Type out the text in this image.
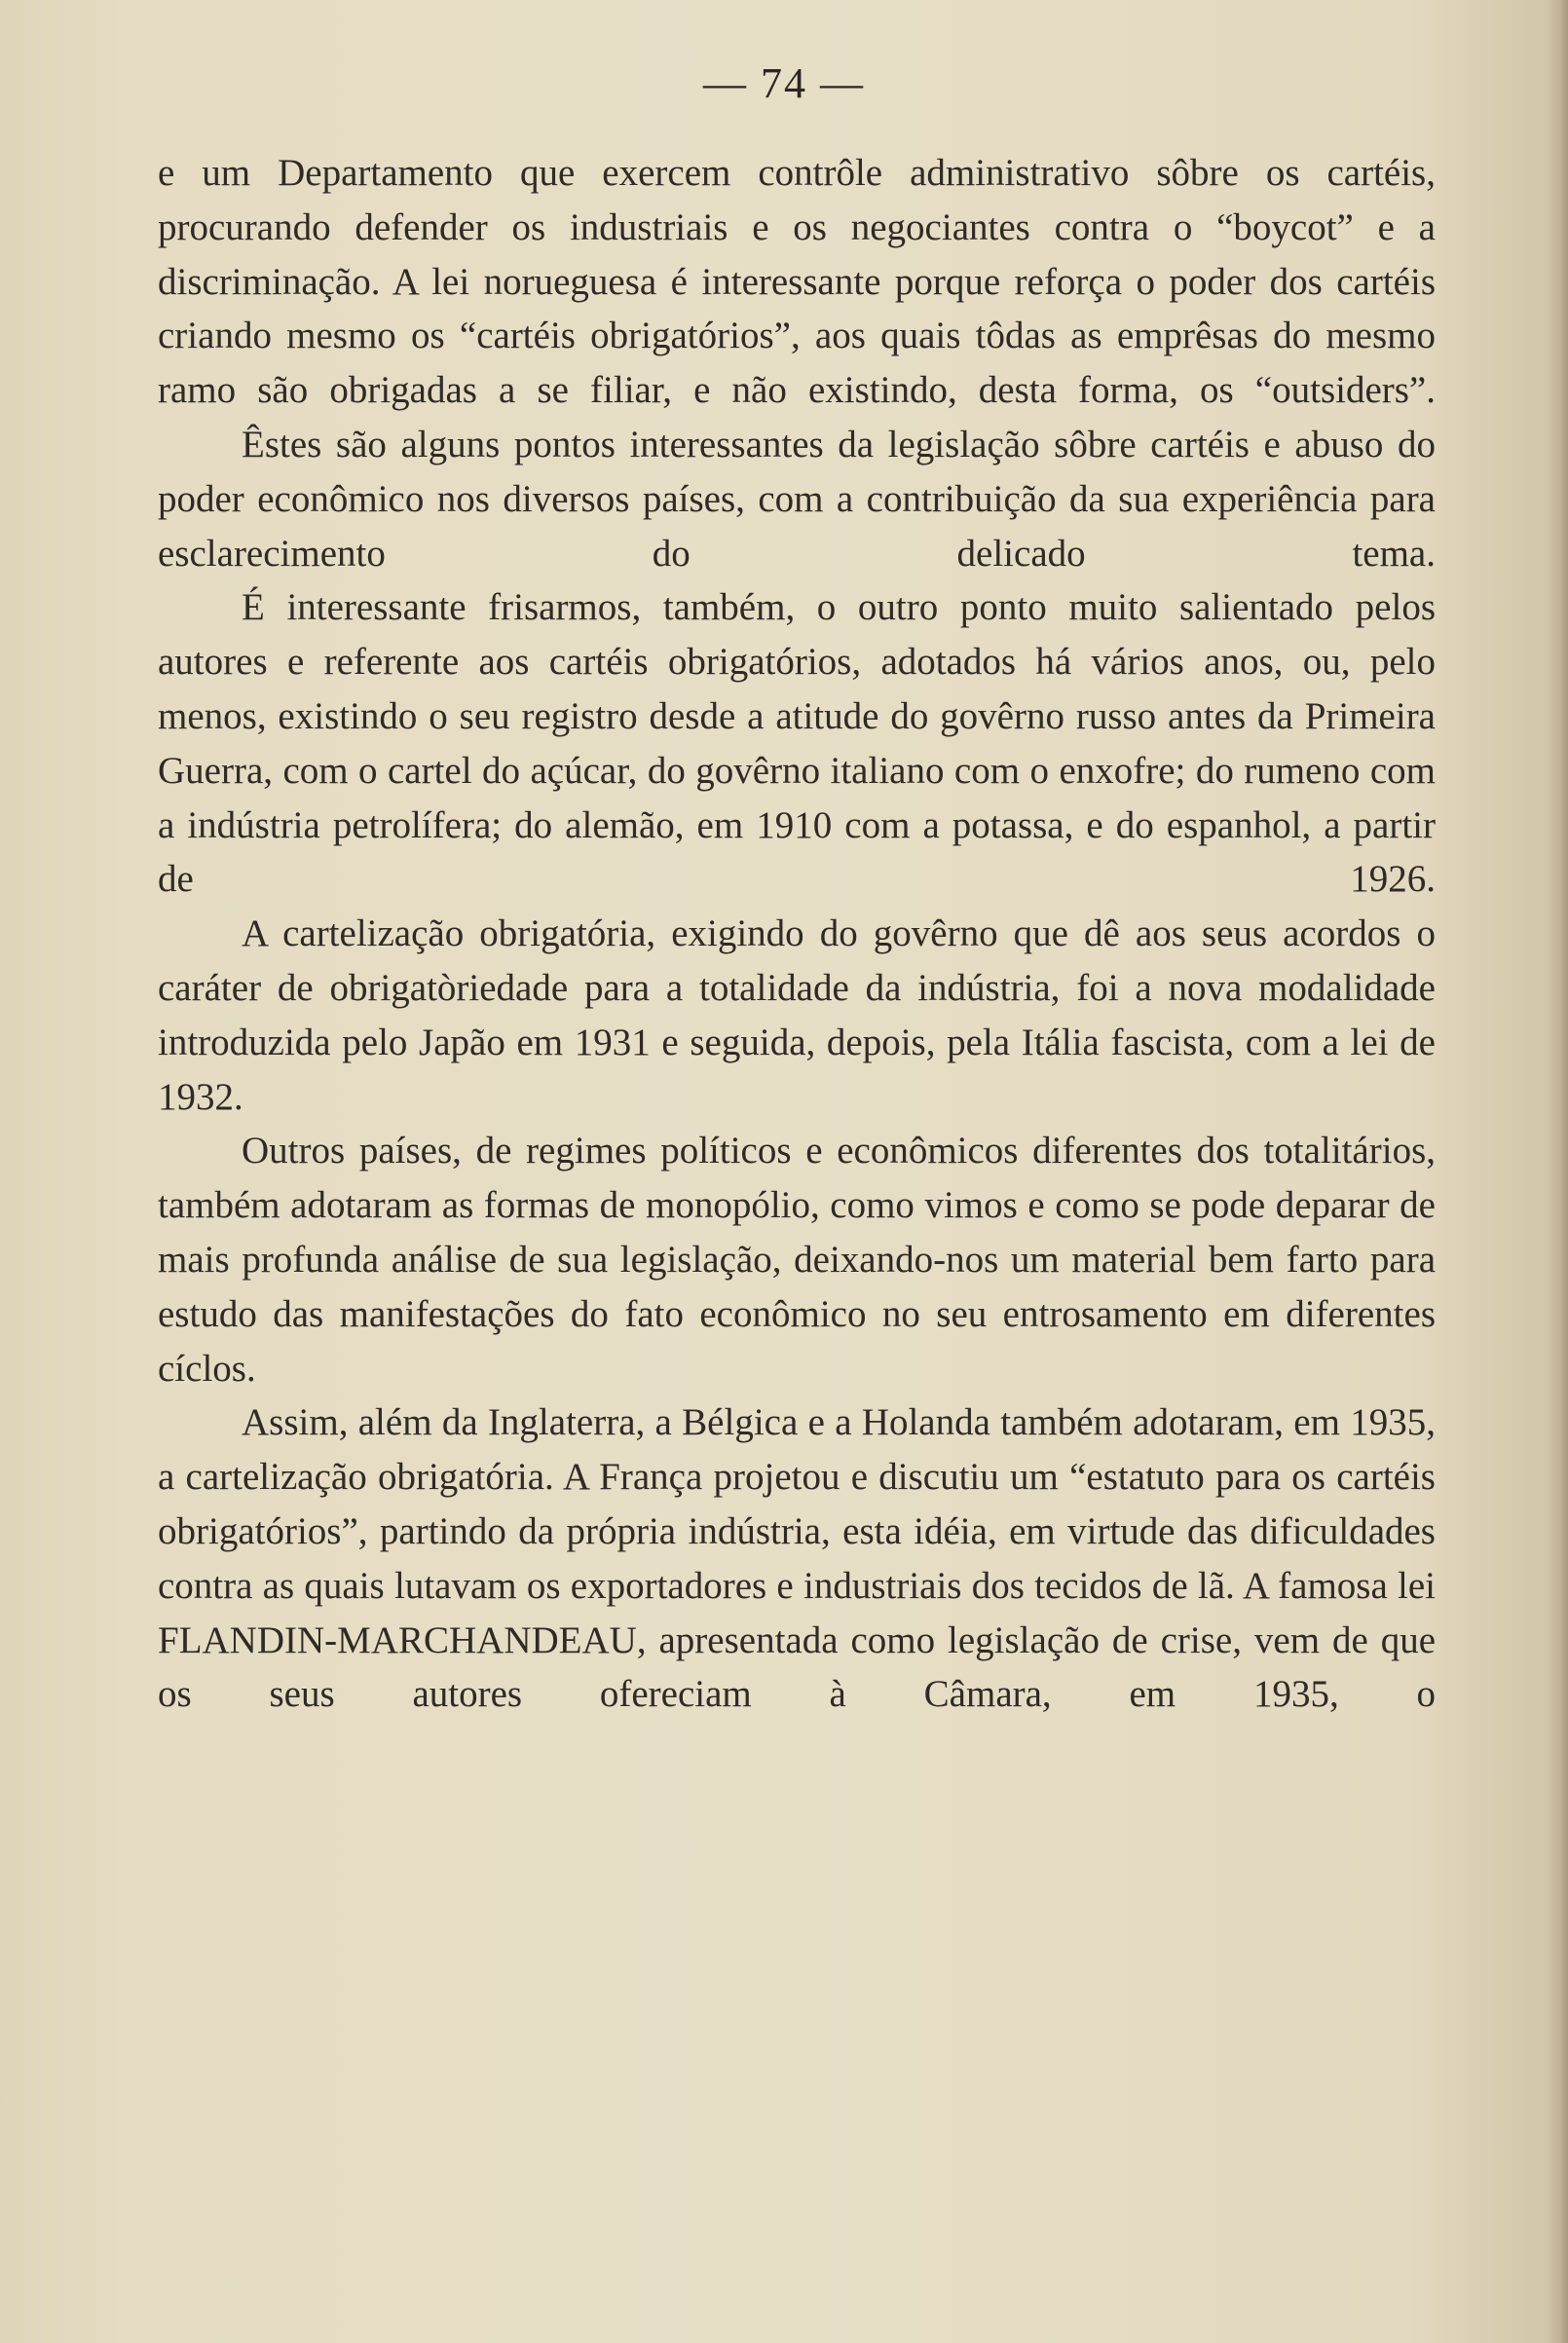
— 74 —

e um Departamento que exercem contrôle administrativo sôbre os cartéis, procurando defender os industriais e os negociantes contra o “boycot” e a discriminação. A lei norueguesa é interessante porque reforça o poder dos cartéis criando mesmo os “cartéis obrigatórios”, aos quais tôdas as emprêsas do mesmo ramo são obrigadas a se filiar, e não existindo, desta forma, os “outsiders”.

Êstes são alguns pontos interessantes da legislação sôbre cartéis e abuso do poder econômico nos diversos países, com a contribuição da sua experiência para esclarecimento do delicado tema.

É interessante frisarmos, também, o outro ponto muito salientado pelos autores e referente aos cartéis obrigatórios, adotados há vários anos, ou, pelo menos, existindo o seu registro desde a atitude do govêrno russo antes da Primeira Guerra, com o cartel do açúcar, do govêrno italiano com o enxofre; do rumeno com a indústria petrolífera; do alemão, em 1910 com a potassa, e do espanhol, a partir de 1926.

A cartelização obrigatória, exigindo do govêrno que dê aos seus acordos o caráter de obrigatòriedade para a totalidade da indústria, foi a nova modalidade introduzida pelo Japão em 1931 e seguida, depois, pela Itália fascista, com a lei de 1932.

Outros países, de regimes políticos e econômicos diferentes dos totalitários, também adotaram as formas de monopólio, como vimos e como se pode deparar de mais profunda análise de sua legislação, deixando-nos um material bem farto para estudo das manifestações do fato econômico no seu entrosamento em diferentes cíclos.

Assim, além da Inglaterra, a Bélgica e a Holanda também adotaram, em 1935, a cartelização obrigatória. A França projetou e discutiu um “estatuto para os cartéis obrigatórios”, partindo da própria indústria, esta idéia, em virtude das dificuldades contra as quais lutavam os exportadores e industriais dos tecidos de lã. A famosa lei FLANDIN-MARCHANDEAU, apresentada como legislação de crise, vem de que os seus autores ofereciam à Câmara, em 1935, o
